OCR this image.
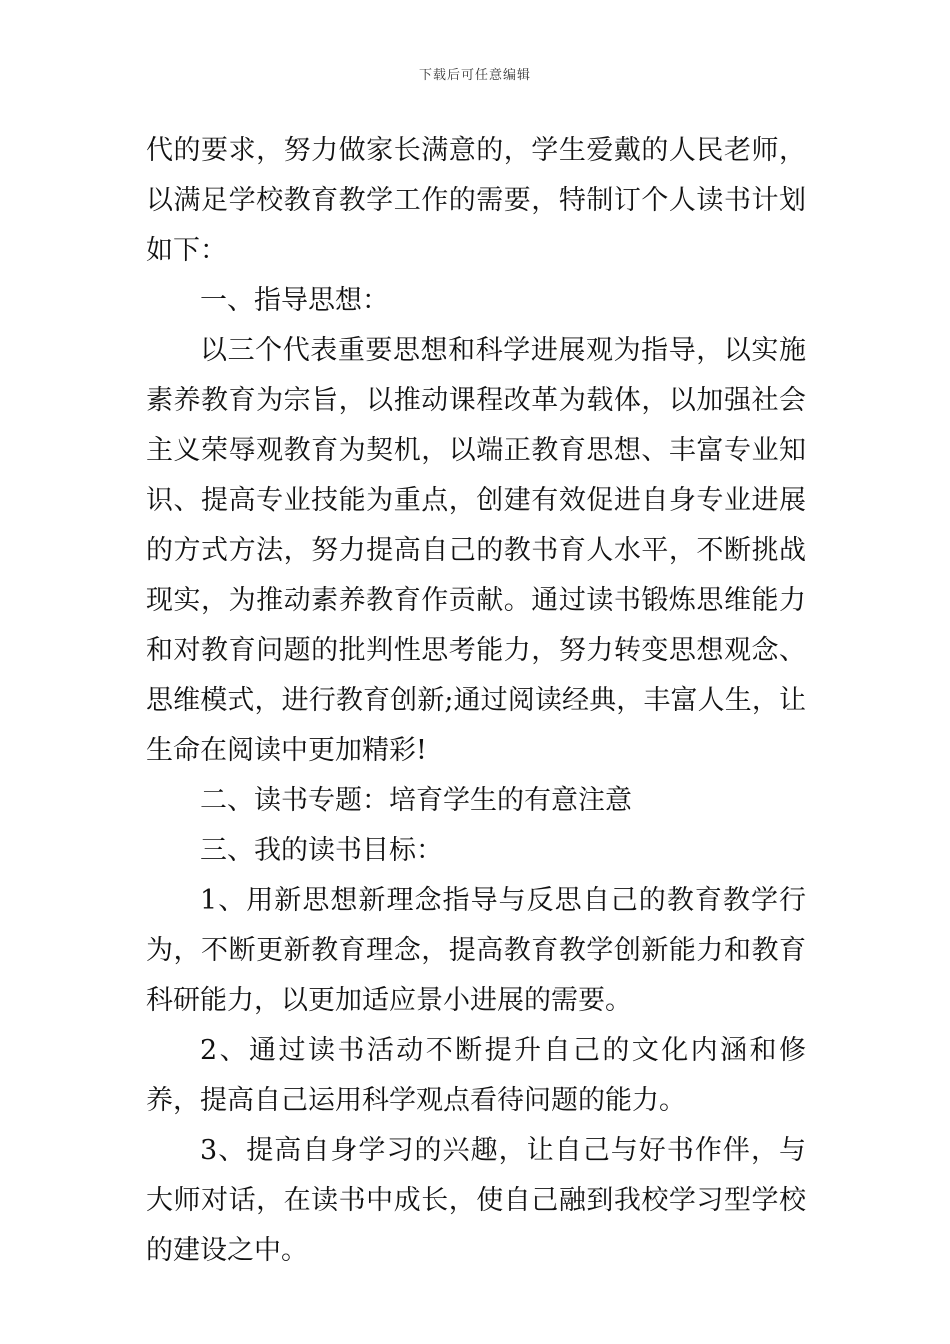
下载后可任意编辑

代的要求，努力做家长满意的，学生爱戴的人民老师，以满足学校教育教学工作的需要，特制订个人读书计划如下：

一、指导思想：

以三个代表重要思想和科学进展观为指导，以实施素养教育为宗旨，以推动课程改革为载体，以加强社会主义荣辱观教育为契机，以端正教育思想、丰富专业知识、提高专业技能为重点，创建有效促进自身专业进展的方式方法，努力提高自己的教书育人水平，不断挑战现实，为推动素养教育作贡献。通过读书锻炼思维能力和对教育问题的批判性思考能力，努力转变思想观念、思维模式，进行教育创新;通过阅读经典，丰富人生，让生命在阅读中更加精彩!

二、读书专题：培育学生的有意注意

三、我的读书目标：

1、用新思想新理念指导与反思自己的教育教学行为，不断更新教育理念，提高教育教学创新能力和教育科研能力，以更加适应景小进展的需要。

2、通过读书活动不断提升自己的文化内涵和修养，提高自己运用科学观点看待问题的能力。

3、提高自身学习的兴趣，让自己与好书作伴，与大师对话，在读书中成长，使自己融到我校学习型学校的建设之中。
